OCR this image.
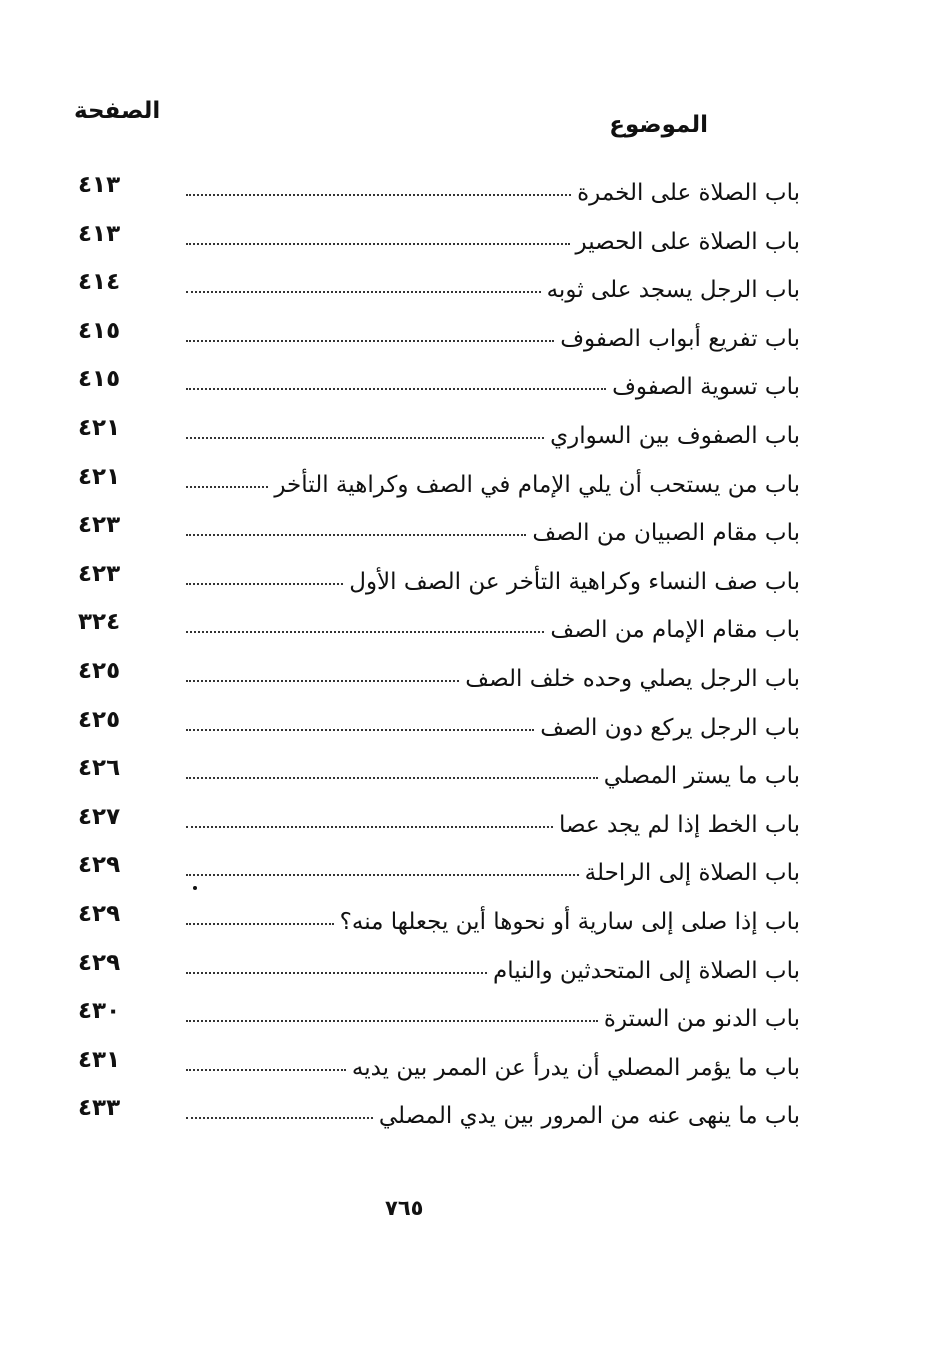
الصفحة
الموضوع
باب الصلاة على الخمرة
٤١٣
باب الصلاة على الحصير
٤١٣
باب الرجل يسجد على ثوبه
٤١٤
باب تفريع أبواب الصفوف
٤١٥
باب تسوية الصفوف
٤١٥
باب الصفوف بين السواري
٤٢١
باب من يستحب أن يلي الإمام في الصف وكراهية التأخر
٤٢١
باب مقام الصبيان من الصف
٤٢٣
باب صف النساء وكراهية التأخر عن الصف الأول
٤٢٣
باب مقام الإمام من الصف
٣٢٤
باب الرجل يصلي وحده خلف الصف
٤٢٥
باب الرجل يركع دون الصف
٤٢٥
باب ما يستر المصلي
٤٢٦
باب الخط إذا لم يجد عصا
٤٢٧
باب الصلاة إلى الراحلة
٤٢٩
باب إذا صلى إلى سارية أو نحوها أين يجعلها منه؟
٤٢٩
باب الصلاة إلى المتحدثين والنيام
٤٢٩
باب الدنو من السترة
٤٣٠
باب ما يؤمر المصلي أن يدرأ عن الممر بين يديه
٤٣١
باب ما ينهى عنه من المرور بين يدي المصلي
٤٣٣
٧٦٥
